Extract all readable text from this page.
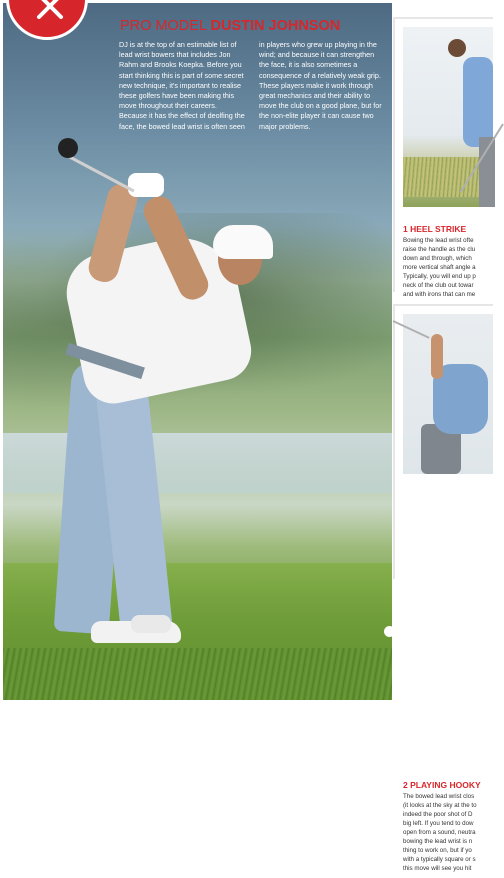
PRO MODEL DUSTIN JOHNSON

DJ is at the top of an estimable list of lead wrist bowers that includes Jon Rahm and Brooks Koepka. Before you start thinking this is part of some secret new technique, it's important to realise these golfers have been making this move throughout their careers. Because it has the effect of deolfing the face, the bowed lead wrist is often seen

in players who grew up playing in the wind; and because it can strengthen the face, it is also sometimes a consequence of a relatively weak grip. These players make it work through great mechanics and their ability to move the club on a good plane, but for the non-elite player it can cause two major problems.

1 HEEL STRIKE

Bowing the lead wrist ofte
raise the handle as the clu
down and through, which
more vertical shaft angle a
Typically, you will end up p
neck of the club out towar
and with irons that can me

2 PLAYING HOOKY

The bowed lead wrist clos
(it looks at the sky at the to
indeed the poor shot of D
big left. If you tend to dow
open from a sound, neutra
bowing the lead wrist is n
thing to work on, but if yo
with a typically square or s
this move will see you hit
